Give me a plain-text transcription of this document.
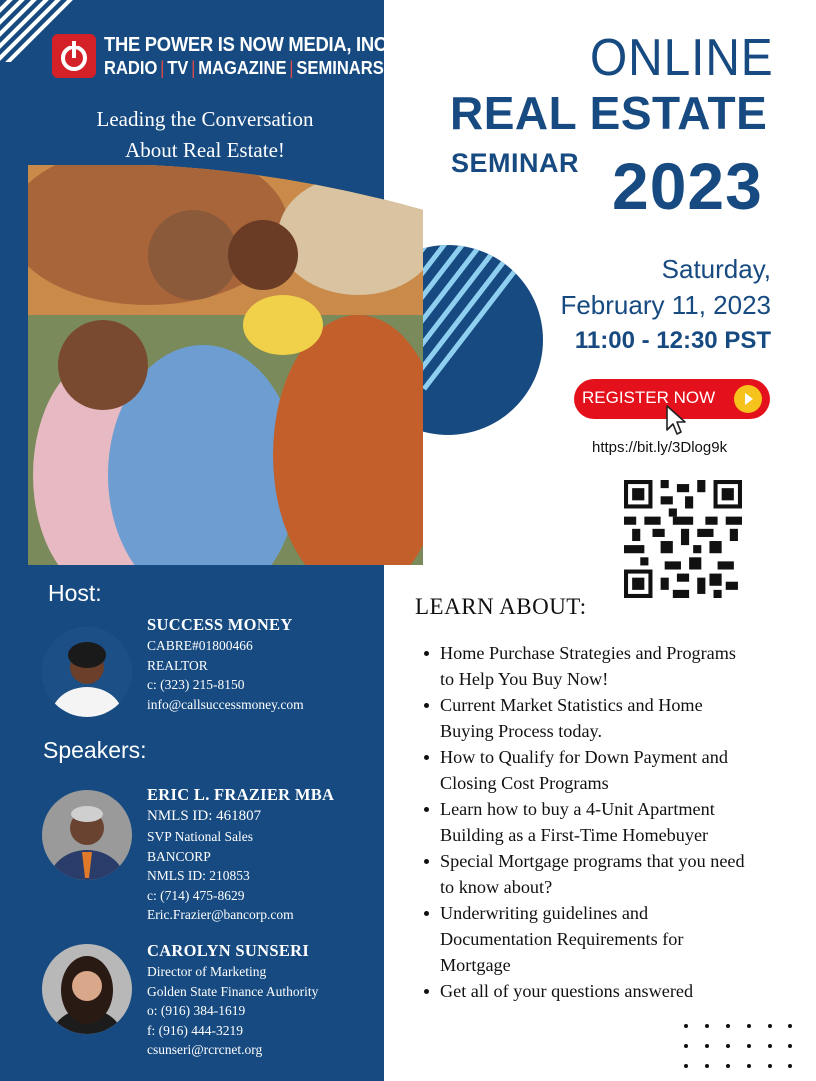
THE POWER IS NOW MEDIA, INC.
RADIO | TV | MAGAZINE | SEMINARS
Leading the Conversation
About Real Estate!
Host:
SUCCESS MONEY
CABRE#01800466
REALTOR
c: (323) 215-8150
info@callsuccessmoney.com
Speakers:
ERIC L. FRAZIER MBA
NMLS ID: 461807
SVP National Sales
BANCORP
NMLS ID: 210853
c: (714) 475-8629
Eric.Frazier@bancorp.com
CAROLYN SUNSERI
Director of Marketing
Golden State Finance Authority
o: (916) 384-1619
f: (916) 444-3219
csunseri@rcrcnet.org
ONLINE
REAL ESTATE
SEMINAR 2023
Saturday,
February 11, 2023
11:00 - 12:30 PST
REGISTER NOW
https://bit.ly/3Dlog9k
LEARN ABOUT:
Home Purchase Strategies and Programs
to Help You Buy Now!
Current Market Statistics and Home
Buying Process today.
How to Qualify for Down Payment and
Closing Cost Programs
Learn how to buy a 4-Unit Apartment
Building as a First-Time Homebuyer
Special Mortgage programs that you need
to know about?
Underwriting guidelines and
Documentation Requirements for
Mortgage
Get all of your questions answered
